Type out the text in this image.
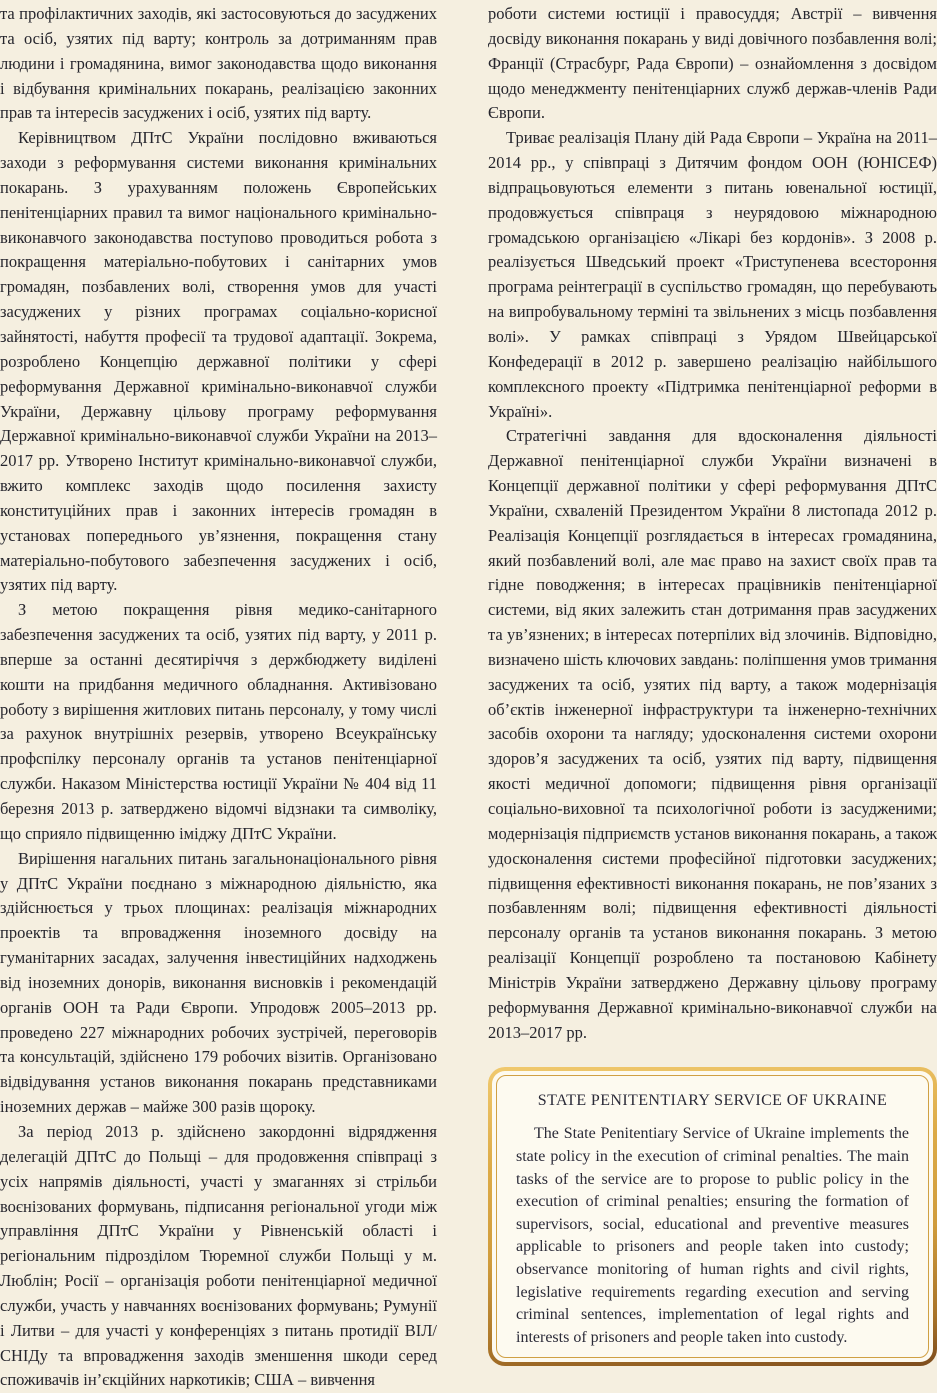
та профілактичних заходів, які застосовуються до засуджених та осіб, узятих під варту; контроль за дотриманням прав людини і громадянина, вимог законодавства щодо виконання і відбування кримінальних покарань, реалізацією законних прав та інтересів засуджених і осіб, узятих під варту.

Керівництвом ДПтС України послідовно вживаються заходи з реформування системи виконання кримінальних покарань. З урахуванням положень Європейських пенітенціарних правил та вимог національного кримінально-виконавчого законодавства поступово проводиться робота з покращення матеріально-побутових і санітарних умов громадян, позбавлених волі, створення умов для участі засуджених у різних програмах соціально-корисної зайнятості, набуття професії та трудової адаптації. Зокрема, розроблено Концепцію державної політики у сфері реформування Державної кримінально-виконавчої служби України, Державну цільову програму реформування Державної кримінально-виконавчої служби України на 2013–2017 рр. Утворено Інститут кримінально-виконавчої служби, вжито комплекс заходів щодо посилення захисту конституційних прав і законних інтересів громадян в установах попереднього ув’язнення, покращення стану матеріально-побутового забезпечення засуджених і осіб, узятих під варту.

З метою покращення рівня медико-санітарного забезпечення засуджених та осіб, узятих під варту, у 2011 р. вперше за останні десятиріччя з держбюджету виділені кошти на придбання медичного обладнання. Активізовано роботу з вирішення житлових питань персоналу, у тому числі за рахунок внутрішніх резервів, утворено Всеукраїнську профспілку персоналу органів та установ пенітенціарної служби. Наказом Міністерства юстиції України № 404 від 11 березня 2013 р. затверджено відомчі відзнаки та символіку, що сприяло підвищенню іміджу ДПтС України.

Вирішення нагальних питань загальнонаціонального рівня у ДПтС України поєднано з міжнародною діяльністю, яка здійснюється у трьох площинах: реалізація міжнародних проектів та впровадження іноземного досвіду на гуманітарних засадах, залучення інвестиційних надходжень від іноземних донорів, виконання висновків і рекомендацій органів ООН та Ради Європи. Упродовж 2005–2013 рр. проведено 227 міжнародних робочих зустрічей, переговорів та консультацій, здійснено 179 робочих візитів. Організовано відвідування установ виконання покарань представниками іноземних держав – майже 300 разів щороку.

За період 2013 р. здійснено закордонні відрядження делегацій ДПтС до Польщі – для продовження співпраці з усіх напрямів діяльності, участі у змаганнях зі стрільби воєнізованих формувань, підписання регіональної угоди між управління ДПтС України у Рівненській області і регіональним підрозділом Тюремної служби Польщі у м. Люблін; Росії – організація роботи пенітенціарної медичної служби, участь у навчаннях воєнізованих формувань; Румунії і Литви – для участі у конференціях з питань протидії ВІЛ/СНІДу та впровадження заходів зменшення шкоди серед споживачів ін’єкційних наркотиків; США – вивчення

роботи системи юстиції і правосуддя; Австрії – вивчення досвіду виконання покарань у виді довічного позбавлення волі; Франції (Страсбург, Рада Європи) – ознайомлення з досвідом щодо менеджменту пенітенціарних служб держав-членів Ради Європи.

Триває реалізація Плану дій Рада Європи – Україна на 2011–2014 рр., у співпраці з Дитячим фондом ООН (ЮНІСЕФ) відпрацьовуються елементи з питань ювенальної юстиції, продовжується співпраця з неурядовою міжнародною громадською організацією «Лікарі без кордонів». З 2008 р. реалізується Шведський проект «Триступенева всестороння програма реінтеграції в суспільство громадян, що перебувають на випробувальному терміні та звільнених з місць позбавлення волі». У рамках співпраці з Урядом Швейцарської Конфедерації в 2012 р. завершено реалізацію найбільшого комплексного проекту «Підтримка пенітенціарної реформи в Україні».

Стратегічні завдання для вдосконалення діяльності Державної пенітенціарної служби України визначені в Концепції державної політики у сфері реформування ДПтС України, схваленій Президентом України 8 листопада 2012 р. Реалізація Концепції розглядається в інтересах громадянина, який позбавлений волі, але має право на захист своїх прав та гідне поводження; в інтересах працівників пенітенціарної системи, від яких залежить стан дотримання прав засуджених та ув’язнених; в інтересах потерпілих від злочинів. Відповідно, визначено шість ключових завдань: поліпшення умов тримання засуджених та осіб, узятих під варту, а також модернізація об’єктів інженерної інфраструктури та інженерно-технічних засобів охорони та нагляду; удосконалення системи охорони здоров’я засуджених та осіб, узятих під варту, підвищення якості медичної допомоги; підвищення рівня організації соціально-виховної та психологічної роботи із засудженими; модернізація підприємств установ виконання покарань, а також удосконалення системи професійної підготовки засуджених; підвищення ефективності виконання покарань, не пов’язаних з позбавленням волі; підвищення ефективності діяльності персоналу органів та установ виконання покарань. З метою реалізації Концепції розроблено та постановою Кабінету Міністрів України затверджено Державну цільову програму реформування Державної кримінально-виконавчої служби на 2013–2017 рр.

STATE PENITENTIARY SERVICE OF UKRAINE

The State Penitentiary Service of Ukraine implements the state policy in the execution of criminal penalties. The main tasks of the service are to propose to public policy in the execution of criminal penalties; ensuring the formation of supervisors, social, educational and preventive measures applicable to prisoners and people taken into custody; observance monitoring of human rights and civil rights, legislative requirements regarding execution and serving criminal sentences, implementation of legal rights and interests of prisoners and people taken into custody.
